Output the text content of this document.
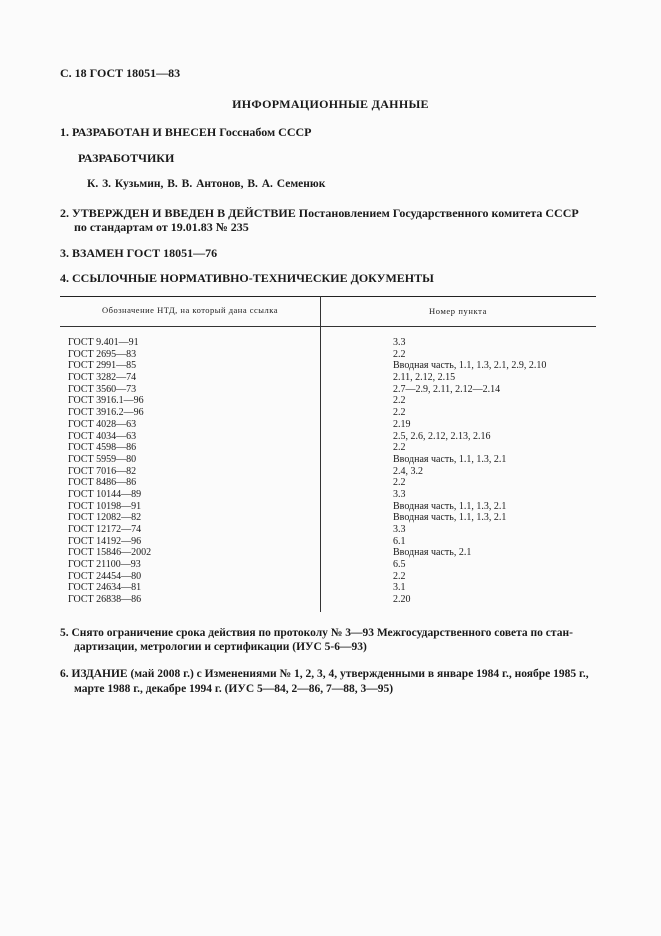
С. 18 ГОСТ 18051—83
ИНФОРМАЦИОННЫЕ ДАННЫЕ
1. РАЗРАБОТАН И ВНЕСЕН Госснабом СССР
РАЗРАБОТЧИКИ
К. З. Кузьмин, В. В. Антонов, В. А. Семенюк
2. УТВЕРЖДЕН И ВВЕДЕН В ДЕЙСТВИЕ Постановлением Государственного комитета СССР
по стандартам от 19.01.83 № 235
3. ВЗАМЕН ГОСТ 18051—76
4. ССЫЛОЧНЫЕ НОРМАТИВНО-ТЕХНИЧЕСКИЕ ДОКУМЕНТЫ
Обозначение НТД, на который дана ссылка	Номер пункта
ГОСТ 9.401—91
ГОСТ 2695—83
ГОСТ 2991—85
ГОСТ 3282—74
ГОСТ 3560—73
ГОСТ 3916.1—96
ГОСТ 3916.2—96
ГОСТ 4028—63
ГОСТ 4034—63
ГОСТ 4598—86
ГОСТ 5959—80
ГОСТ 7016—82
ГОСТ 8486—86
ГОСТ 10144—89
ГОСТ 10198—91
ГОСТ 12082—82
ГОСТ 12172—74
ГОСТ 14192—96
ГОСТ 15846—2002
ГОСТ 21100—93
ГОСТ 24454—80
ГОСТ 24634—81
ГОСТ 26838—86
3.3
2.2
Вводная часть, 1.1, 1.3, 2.1, 2.9, 2.10
2.11, 2.12, 2.15
2.7—2.9, 2.11, 2.12—2.14
2.2
2.2
2.19
2.5, 2.6, 2.12, 2.13, 2.16
2.2
Вводная часть, 1.1, 1.3, 2.1
2.4, 3.2
2.2
3.3
Вводная часть, 1.1, 1.3, 2.1
Вводная часть, 1.1, 1.3, 2.1
3.3
6.1
Вводная часть, 2.1
6.5
2.2
3.1
2.20
5. Снято ограничение срока действия по протоколу № 3—93 Межгосударственного совета по стан-
дартизации, метрологии и сертификации (ИУС 5-6—93)
6. ИЗДАНИЕ (май 2008 г.) с Изменениями № 1, 2, 3, 4, утвержденными в январе 1984 г., ноябре 1985 г.,
марте 1988 г., декабре 1994 г. (ИУС 5—84, 2—86, 7—88, 3—95)
